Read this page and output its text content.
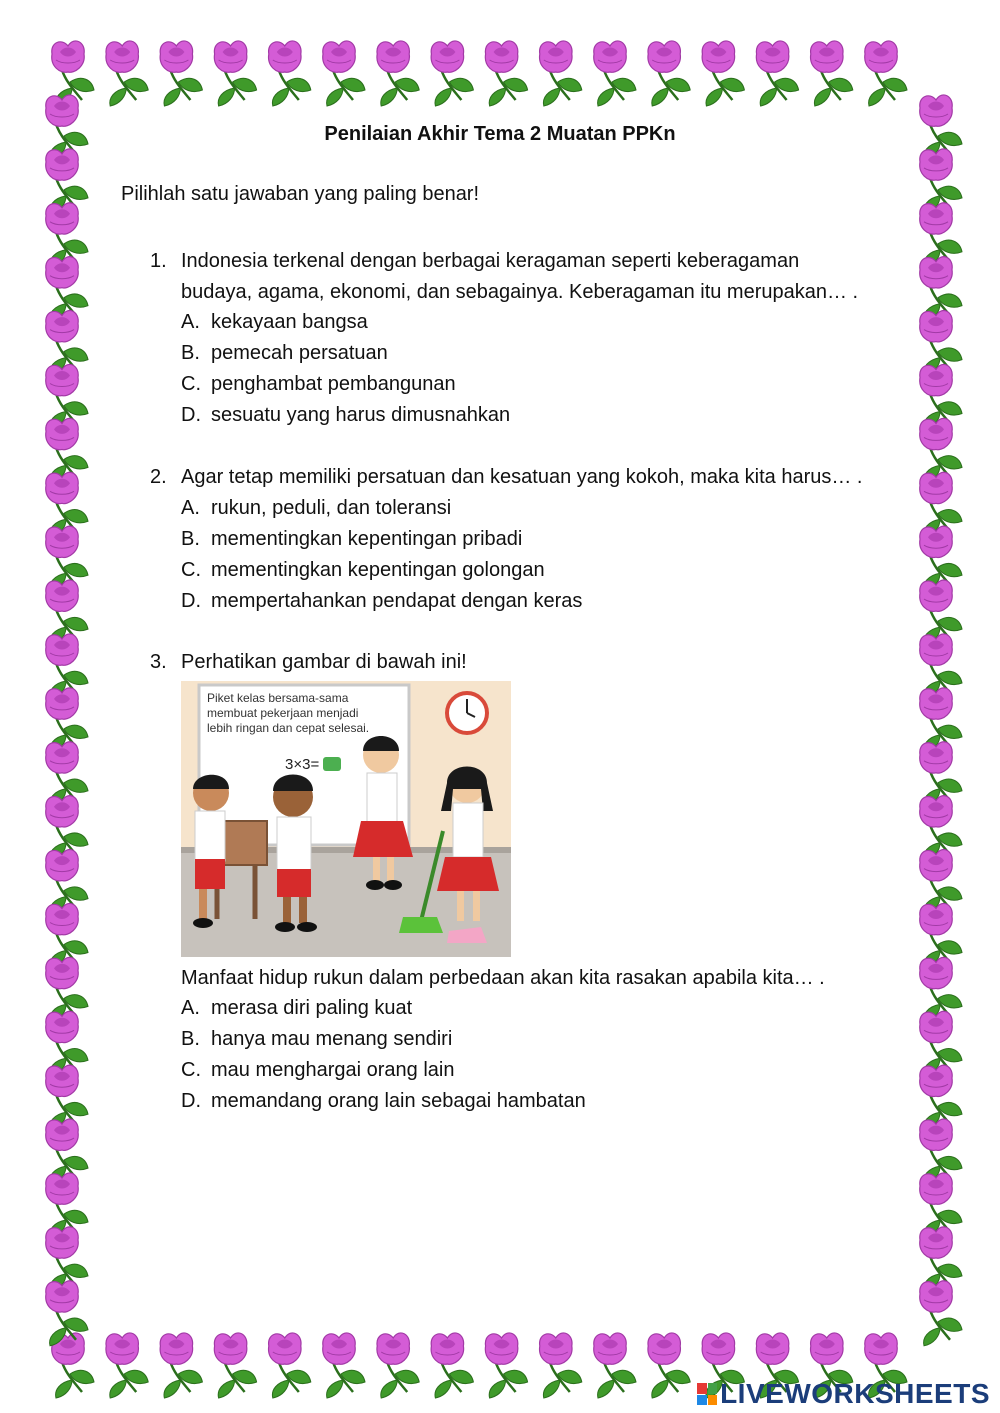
Penilaian Akhir Tema 2 Muatan PPKn
Pilihlah satu jawaban yang paling benar!
1. Indonesia terkenal dengan berbagai keragaman seperti keberagaman budaya, agama, ekonomi, dan sebagainya. Keberagaman itu merupakan… .
A. kekayaan bangsa
B. pemecah persatuan
C. penghambat pembangunan
D. sesuatu yang harus dimusnahkan
2. Agar tetap memiliki persatuan dan kesatuan yang kokoh, maka kita harus… .
A. rukun, peduli, dan toleransi
B. mementingkan kepentingan pribadi
C. mementingkan kepentingan golongan
D. mempertahankan pendapat dengan keras
3. Perhatikan gambar di bawah ini!
Piket kelas bersama-sama
membuat pekerjaan menjadi
lebih ringan dan cepat selesai.
3×3=
Manfaat hidup rukun dalam perbedaan akan kita rasakan apabila kita… .
A. merasa diri paling kuat
B. hanya mau menang sendiri
C. mau menghargai orang lain
D. memandang orang lain sebagai hambatan
LIVEWORKSHEETS
